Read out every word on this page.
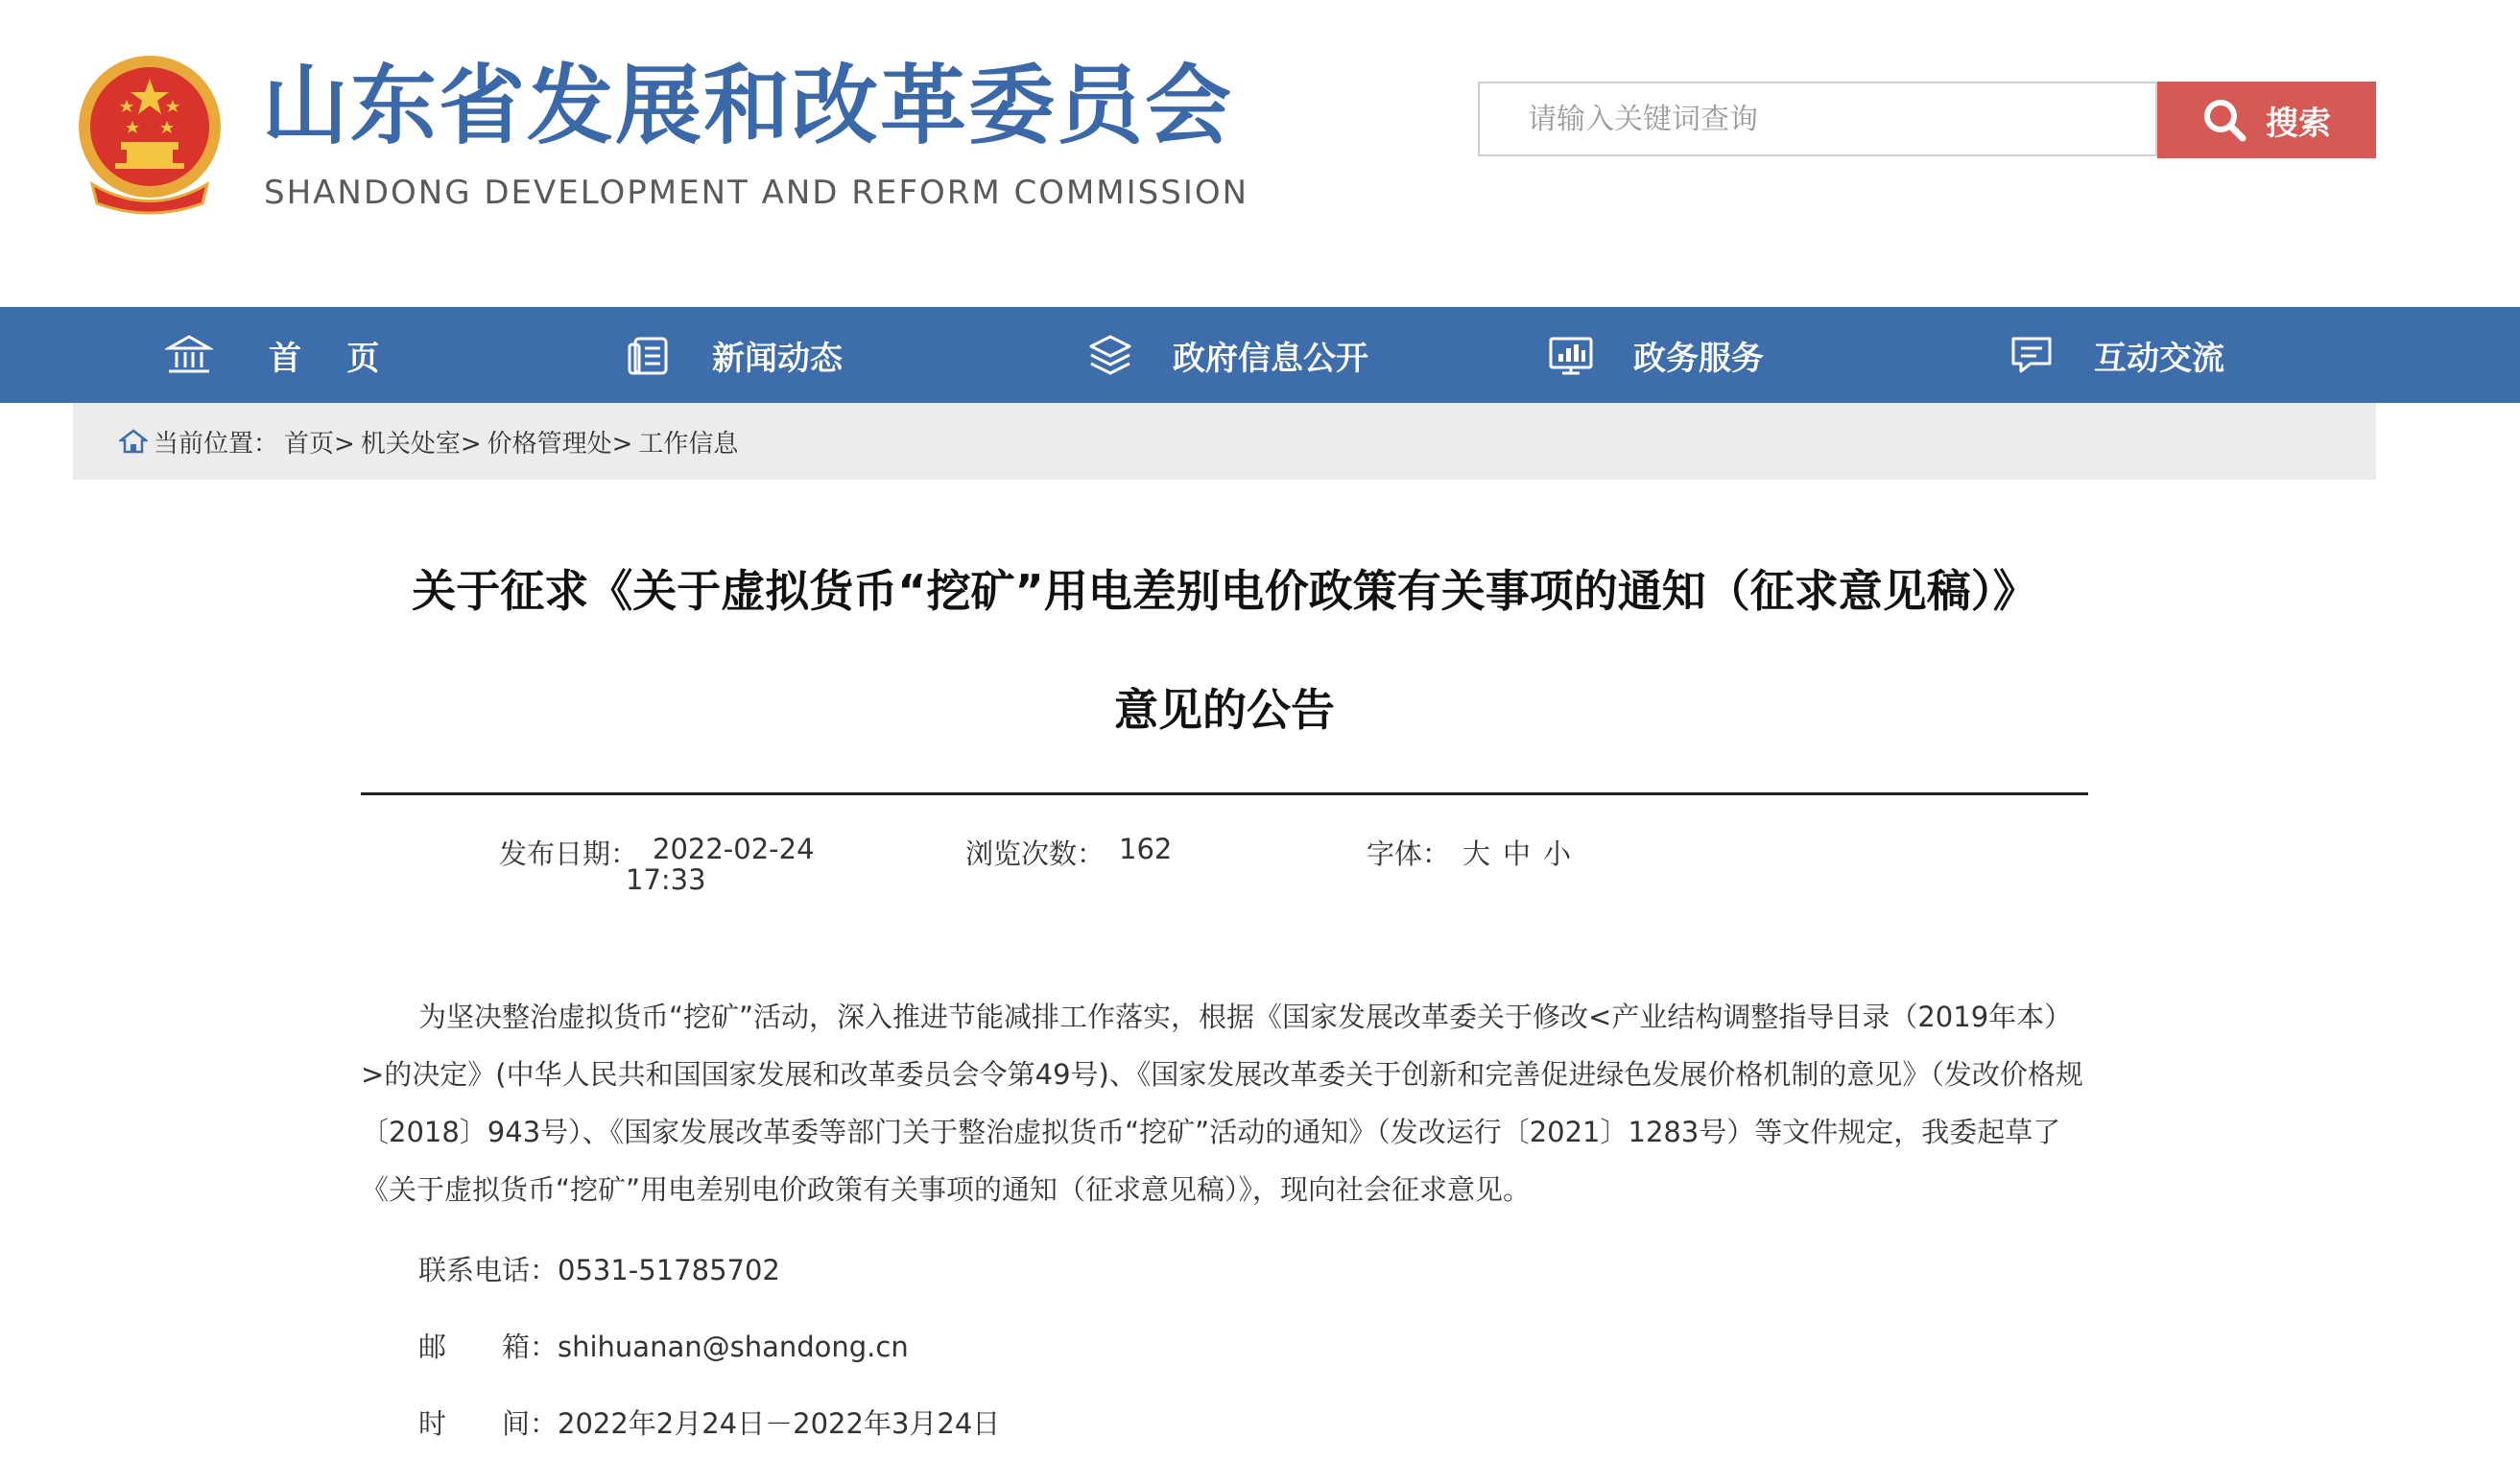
山东省发展和改革委员会
SHANDONG DEVELOPMENT AND REFORM COMMISSION
请输入关键词查询
搜索
首    页	新闻动态	政府信息公开	政务服务	互动交流
当前位置： 首页> 机关处室> 价格管理处> 工作信息
关于征求《关于虚拟货币“挖矿”用电差别电价政策有关事项的通知（征求意见稿）》
意见的公告
发布日期： 2022-02-24
17:33
浏览次数： 162	字体： 大 中 小

为坚决整治虚拟货币“挖矿”活动，深入推进节能减排工作落实，根据《国家发展改革委关于修改<产业结构调整指导目录（2019年本）>的决定》(中华人民共和国国家发展和改革委员会令第49号)、《国家发展改革委关于创新和完善促进绿色发展价格机制的意见》（发改价格规〔2018〕943号）、《国家发展改革委等部门关于整治虚拟货币“挖矿”活动的通知》（发改运行〔2021〕1283号）等文件规定，我委起草了《关于虚拟货币“挖矿”用电差别电价政策有关事项的通知（征求意见稿）》，现向社会征求意见。

联系电话：0531-51785702
邮　　箱：shihuanan@shandong.cn
时　　间：2022年2月24日－2022年3月24日
